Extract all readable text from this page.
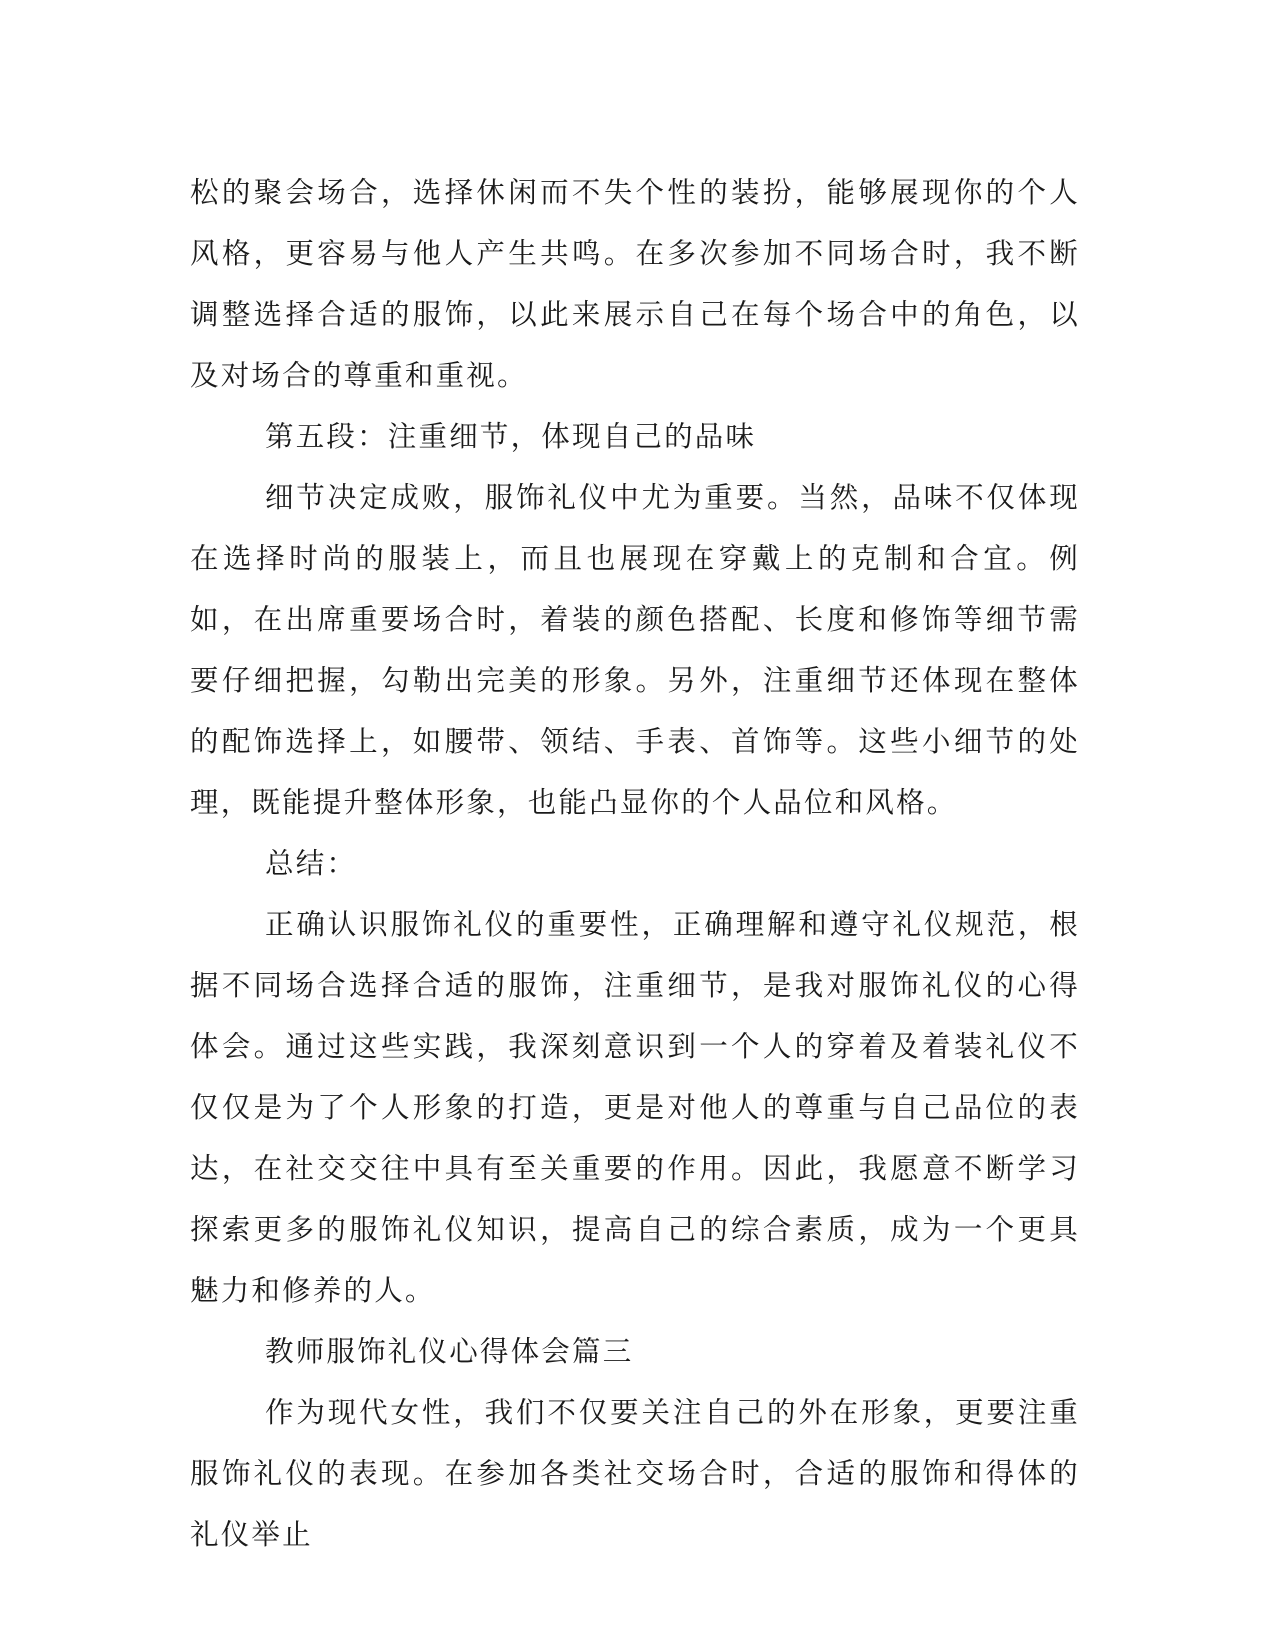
松的聚会场合，选择休闲而不失个性的装扮，能够展现你的个人风格，更容易与他人产生共鸣。在多次参加不同场合时，我不断调整选择合适的服饰，以此来展示自己在每个场合中的角色，以及对场合的尊重和重视。

第五段：注重细节，体现自己的品味

细节决定成败，服饰礼仪中尤为重要。当然，品味不仅体现在选择时尚的服装上，而且也展现在穿戴上的克制和合宜。例如，在出席重要场合时，着装的颜色搭配、长度和修饰等细节需要仔细把握，勾勒出完美的形象。另外，注重细节还体现在整体的配饰选择上，如腰带、领结、手表、首饰等。这些小细节的处理，既能提升整体形象，也能凸显你的个人品位和风格。

总结：

正确认识服饰礼仪的重要性，正确理解和遵守礼仪规范，根据不同场合选择合适的服饰，注重细节，是我对服饰礼仪的心得体会。通过这些实践，我深刻意识到一个人的穿着及着装礼仪不仅仅是为了个人形象的打造，更是对他人的尊重与自己品位的表达，在社交交往中具有至关重要的作用。因此，我愿意不断学习探索更多的服饰礼仪知识，提高自己的综合素质，成为一个更具魅力和修养的人。

教师服饰礼仪心得体会篇三

作为现代女性，我们不仅要关注自己的外在形象，更要注重服饰礼仪的表现。在参加各类社交场合时，合适的服饰和得体的礼仪举止
